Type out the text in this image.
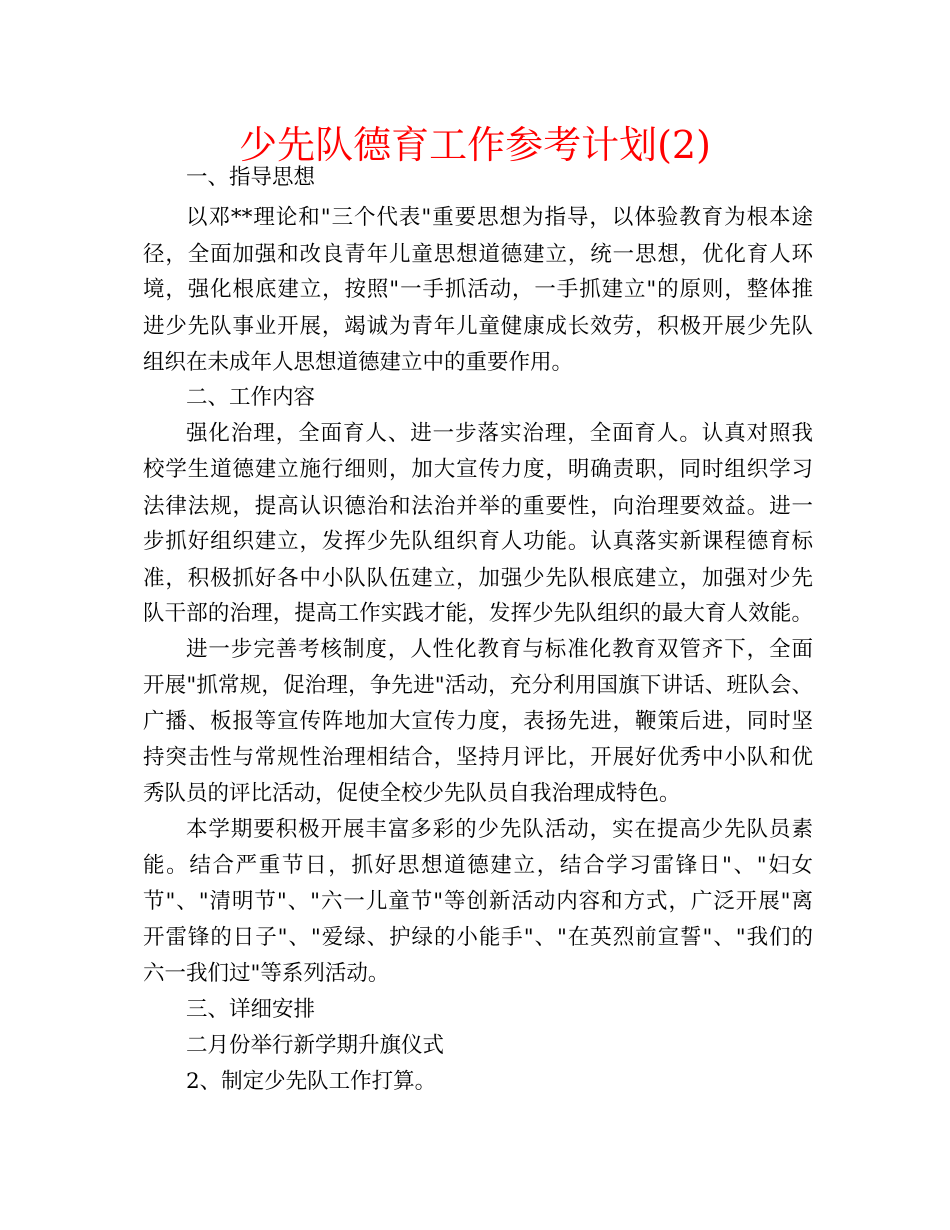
少先队德育工作参考计划(2)
一、指导思想
以邓**理论和"三个代表"重要思想为指导，以体验教育为根本途
径，全面加强和改良青年儿童思想道德建立，统一思想，优化育人环
境，强化根底建立，按照"一手抓活动，一手抓建立"的原则，整体推
进少先队事业开展，竭诚为青年儿童健康成长效劳，积极开展少先队
组织在未成年人思想道德建立中的重要作用。
二、工作内容
强化治理，全面育人、进一步落实治理，全面育人。认真对照我
校学生道德建立施行细则，加大宣传力度，明确责职，同时组织学习
法律法规，提高认识德治和法治并举的重要性，向治理要效益。进一
步抓好组织建立，发挥少先队组织育人功能。认真落实新课程德育标
准，积极抓好各中小队队伍建立，加强少先队根底建立，加强对少先
队干部的治理，提高工作实践才能，发挥少先队组织的最大育人效能。
进一步完善考核制度，人性化教育与标准化教育双管齐下，全面
开展"抓常规，促治理，争先进"活动，充分利用国旗下讲话、班队会、
广播、板报等宣传阵地加大宣传力度，表扬先进，鞭策后进，同时坚
持突击性与常规性治理相结合，坚持月评比，开展好优秀中小队和优
秀队员的评比活动，促使全校少先队员自我治理成特色。
本学期要积极开展丰富多彩的少先队活动，实在提高少先队员素
能。结合严重节日，抓好思想道德建立，结合学习雷锋日"、"妇女
节"、"清明节"、"六一儿童节"等创新活动内容和方式，广泛开展"离
开雷锋的日子"、"爱绿、护绿的小能手"、"在英烈前宣誓"、"我们的
六一我们过"等系列活动。
三、详细安排
二月份举行新学期升旗仪式
2、制定少先队工作打算。
